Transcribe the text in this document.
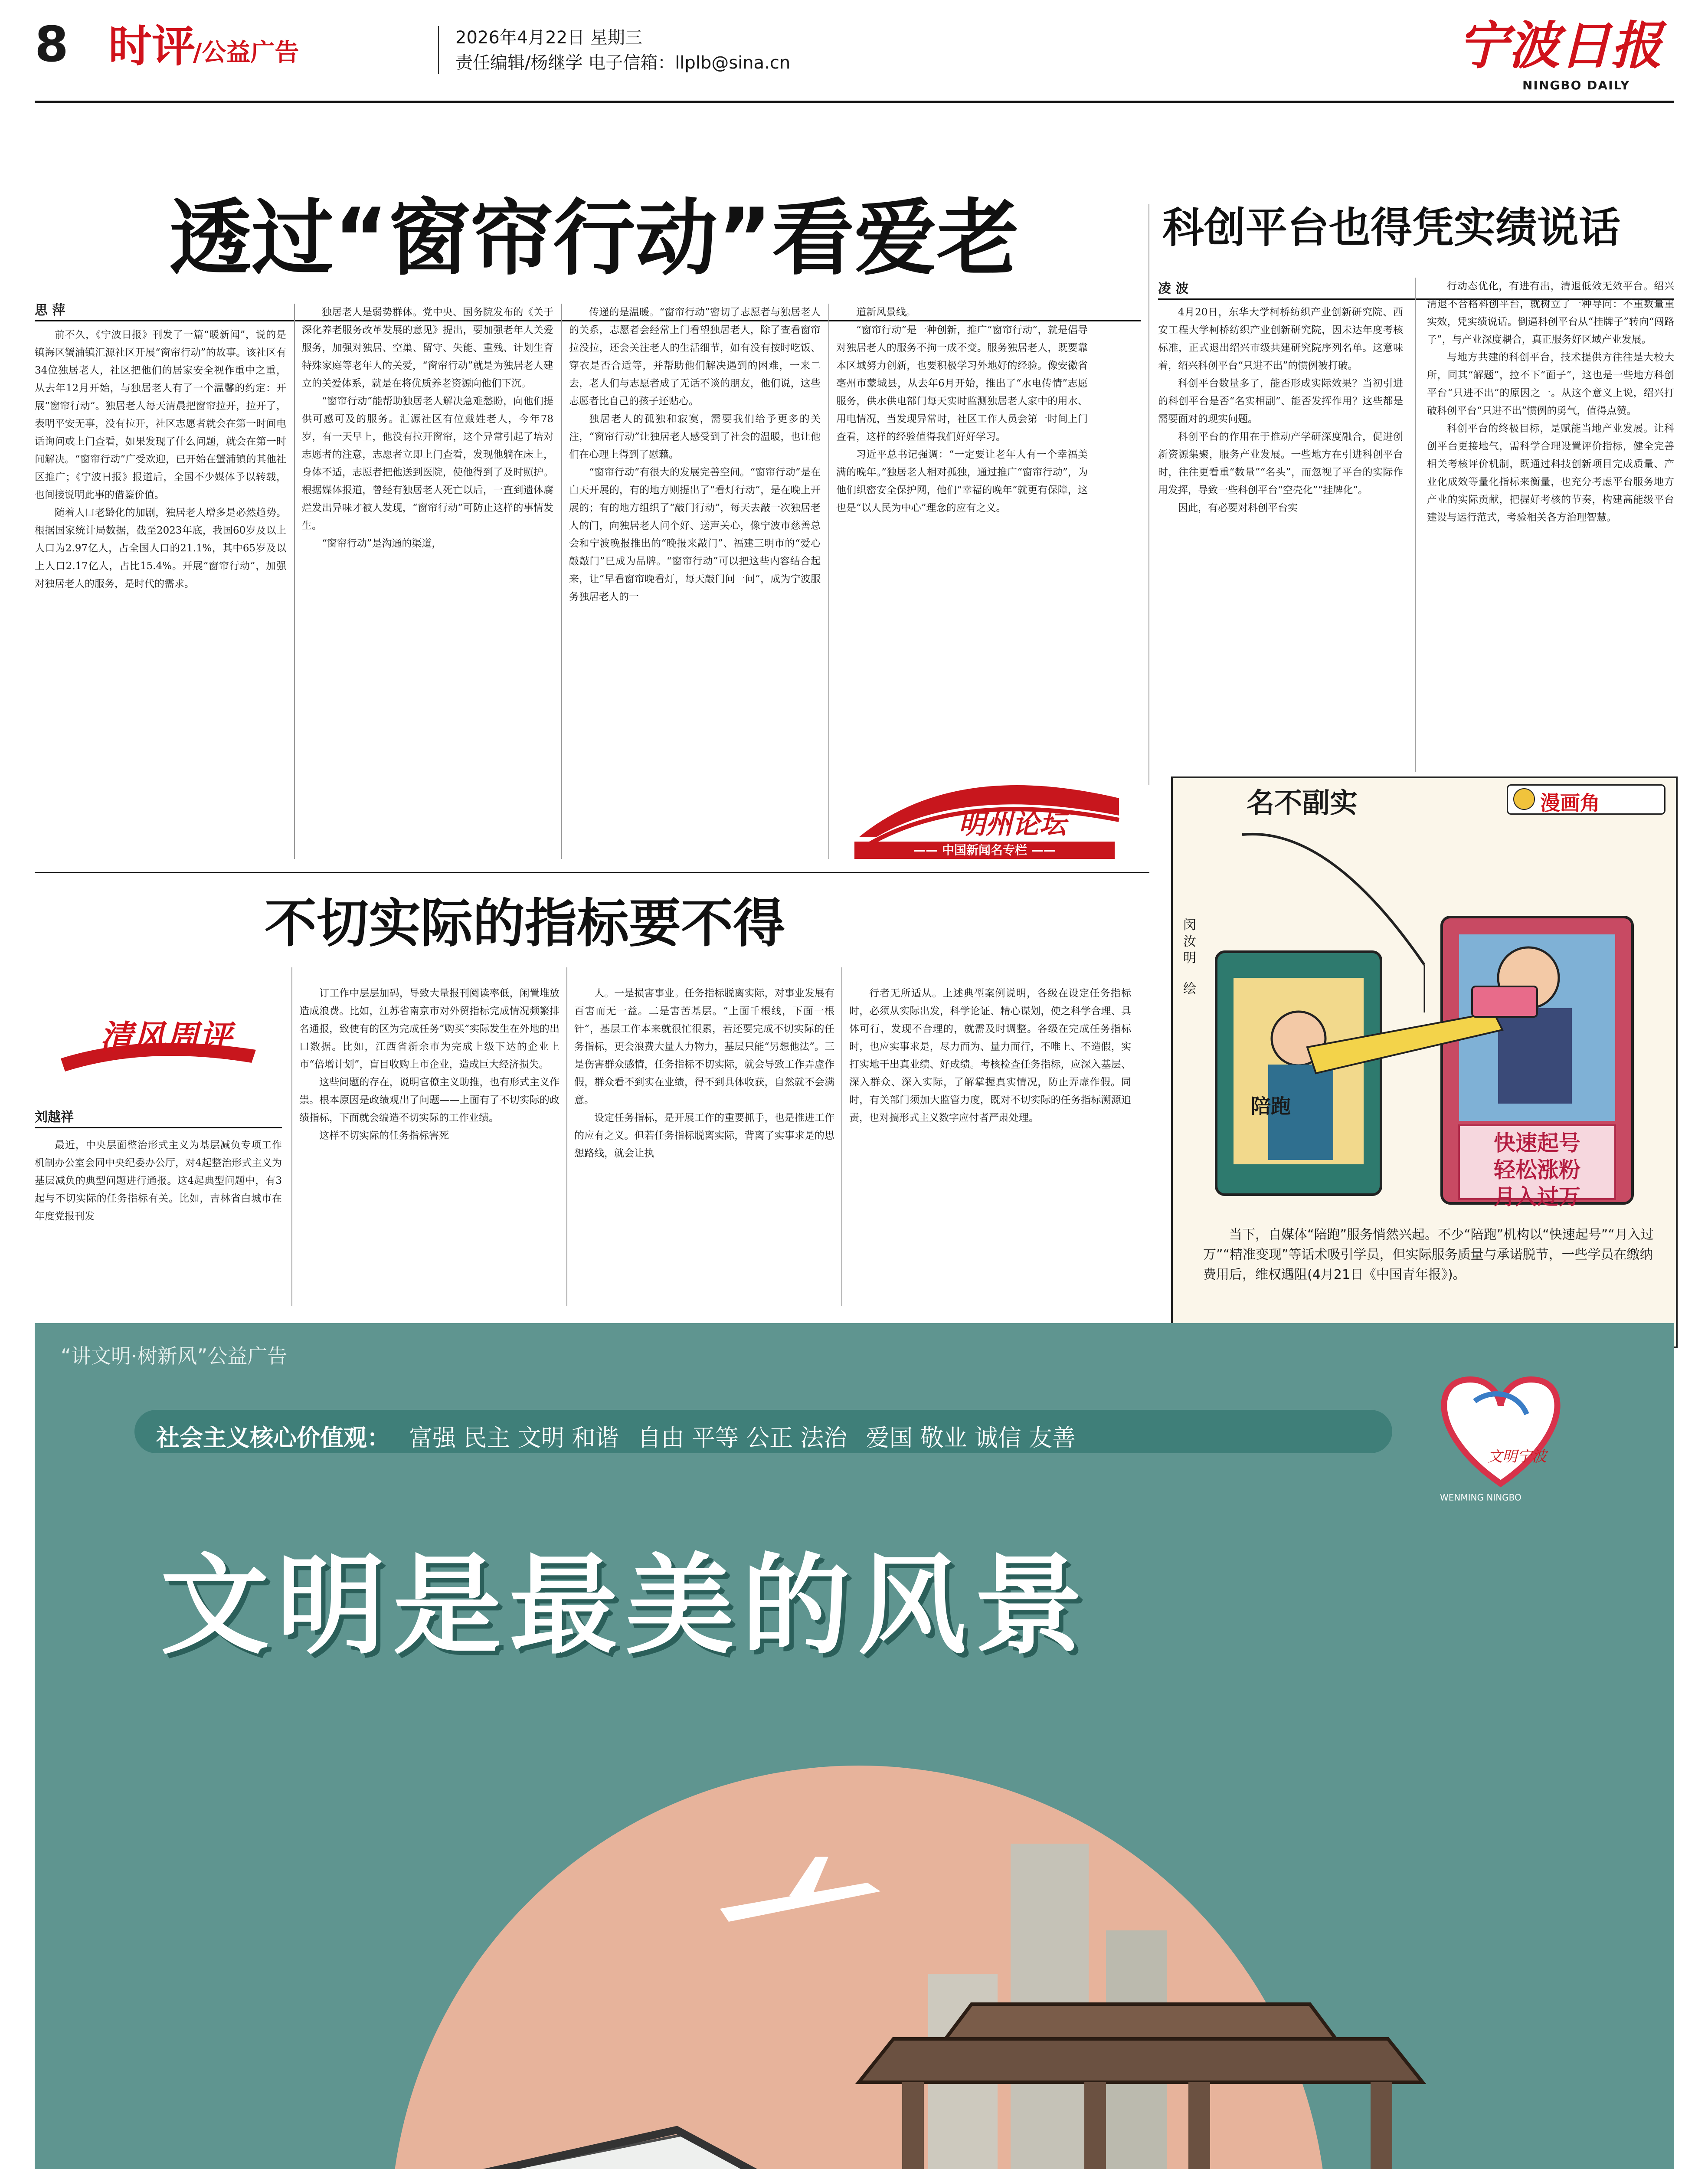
8 时评
/公益广告
2026年4月22日 星期三
责任编辑/杨继学 电子信箱：llplb@sina.cn	宁波日报
NINGBO DAILY
透过“窗帘行动”看爱老
思 萍

前不久，《宁波日报》刊发了一篇“暖新闻”，说的是镇海区蟹浦镇汇源社区开展“窗帘行动”的故事。该社区有34位独居老人，社区把他们的居家安全视作重中之重，从去年12月开始，与独居老人有了一个温馨的约定：开展“窗帘行动”。独居老人每天清晨把窗帘拉开，拉开了，表明平安无事，没有拉开，社区志愿者就会在第一时间电话询问或上门查看，如果发现了什么问题，就会在第一时间解决。“窗帘行动”广受欢迎，已开始在蟹浦镇的其他社区推广；《宁波日报》报道后，全国不少媒体予以转载，也间接说明此事的借鉴价值。

随着人口老龄化的加剧，独居老人增多是必然趋势。根据国家统计局数据，截至2023年底，我国60岁及以上人口为2.97亿人，占全国人口的21.1%，其中65岁及以上人口2.17亿人，占比15.4%。开展“窗帘行动”，加强对独居老人的服务，是时代的需求。

独居老人是弱势群体。党中央、国务院发布的《关于深化养老服务改革发展的意见》提出，要加强老年人关爱服务，加强对独居、空巢、留守、失能、重残、计划生育特殊家庭等老年人的关爱，“窗帘行动”就是为独居老人建立的关爱体系，就是在将优质养老资源向他们下沉。

“窗帘行动”能帮助独居老人解决急难愁盼，向他们提供可感可及的服务。汇源社区有位戴姓老人，今年78岁，有一天早上，他没有拉开窗帘，这个异常引起了培对志愿者的注意，志愿者立即上门查看，发现他躺在床上，身体不适，志愿者把他送到医院，使他得到了及时照护。根据媒体报道，曾经有独居老人死亡以后，一直到遗体腐烂发出异味才被人发现，“窗帘行动”可防止这样的事情发生。

“窗帘行动”是沟通的渠道，

传递的是温暖。“窗帘行动”密切了志愿者与独居老人的关系，志愿者会经常上门看望独居老人，除了查看窗帘拉没拉，还会关注老人的生活细节，如有没有按时吃饭、穿衣是否合适等，并帮助他们解决遇到的困难，一来二去，老人们与志愿者成了无话不谈的朋友，他们说，这些志愿者比自己的孩子还贴心。

独居老人的孤独和寂寞，需要我们给予更多的关注，“窗帘行动”让独居老人感受到了社会的温暖，也让他们在心理上得到了慰藉。

“窗帘行动”有很大的发展完善空间。“窗帘行动”是在白天开展的，有的地方则提出了“看灯行动”，是在晚上开展的；有的地方组织了“敲门行动”，每天去敲一次独居老人的门，向独居老人问个好、送声关心，像宁波市慈善总会和宁波晚报推出的“晚报来敲门”、福建三明市的“爱心敲敲门”已成为品牌。“窗帘行动”可以把这些内容结合起来，让“早看窗帘晚看灯，每天敲门问一问”，成为宁波服务独居老人的一

道新风景线。

“窗帘行动”是一种创新，推广“窗帘行动”，就是倡导对独居老人的服务不拘一成不变。服务独居老人，既要靠本区域努力创新，也要积极学习外地好的经验。像安徽省亳州市蒙城县，从去年6月开始，推出了“水电传情”志愿服务，供水供电部门每天实时监测独居老人家中的用水、用电情况，当发现异常时，社区工作人员会第一时间上门查看，这样的经验值得我们好好学习。

习近平总书记强调：“一定要让老年人有一个幸福美满的晚年。”独居老人相对孤独，通过推广“窗帘行动”，为他们织密安全保护网，他们“幸福的晚年”就更有保障，这也是“以人民为中心”理念的应有之义。

明州论坛
—— 中国新闻名专栏 ——
科创平台也得凭实绩说话
凌 波

4月20日，东华大学柯桥纺织产业创新研究院、西安工程大学柯桥纺织产业创新研究院，因未达年度考核标准，正式退出绍兴市级共建研究院序列名单。这意味着，绍兴科创平台“只进不出”的惯例被打破。

科创平台数量多了，能否形成实际效果？当初引进的科创平台是否“名实相副”、能否发挥作用？这些都是需要面对的现实问题。

科创平台的作用在于推动产学研深度融合，促进创新资源集聚，服务产业发展。一些地方在引进科创平台时，往往更看重“数量”“名头”，而忽视了平台的实际作用发挥，导致一些科创平台“空壳化”“挂牌化”。

因此，有必要对科创平台实

行动态优化，有进有出，清退低效无效平台。绍兴清退不合格科创平台，就树立了一种导向：不重数量重实效，凭实绩说话。倒逼科创平台从“挂牌子”转向“闯路子”，与产业深度耦合，真正服务好区域产业发展。

与地方共建的科创平台，技术提供方往往是大校大所，同其“解题”，拉不下“面子”，这也是一些地方科创平台“只进不出”的原因之一。从这个意义上说，绍兴打破科创平台“只进不出”惯例的勇气，值得点赞。

科创平台的终极目标，是赋能当地产业发展。让科创平台更接地气，需科学合理设置评价指标，健全完善相关考核评价机制，既通过科技创新项目完成质量、产业化成效等量化指标来衡量，也充分考虑平台服务地方产业的实际贡献，把握好考核的节奏，构建高能级平台建设与运行范式，考验相关各方治理智慧。

名不副实	漫画角
闵汝明
绘
陪跑
快速起号
轻松涨粉
月入过万
当下，自媒体“陪跑”服务悄然兴起。不少“陪跑”机构以“快速起号”“月入过万”“精准变现”等话术吸引学员，但实际服务质量与承诺脱节，一些学员在缴纳费用后，维权遇阻(4月21日《中国青年报》)。
不切实际的指标要不得
清风周评
刘越祥

最近，中央层面整治形式主义为基层减负专项工作机制办公室会同中央纪委办公厅，对4起整治形式主义为基层减负的典型问题进行通报。这4起典型问题中，有3起与不切实际的任务指标有关。比如，吉林省白城市在年度党报刊发

订工作中层层加码，导致大量报刊阅读率低，闲置堆放造成浪费。比如，江苏省南京市对外贸指标完成情况频繁排名通报，致使有的区为完成任务“购买”实际发生在外地的出口数据。比如，江西省新余市为完成上级下达的企业上市“倍增计划”，盲目收购上市企业，造成巨大经济损失。

这些问题的存在，说明官僚主义助推，也有形式主义作祟。根本原因是政绩观出了问题——上面有了不切实际的政绩指标，下面就会编造不切实际的工作业绩。

这样不切实际的任务指标害死

人。一是损害事业。任务指标脱离实际，对事业发展有百害而无一益。二是害苦基层。“上面千根线，下面一根针”，基层工作本来就很忙很累，若还要完成不切实际的任务指标，更会浪费大量人力物力，基层只能“另想他法”。三是伤害群众感情，任务指标不切实际，就会导致工作弄虚作假，群众看不到实在业绩，得不到具体收获，自然就不会满意。

设定任务指标，是开展工作的重要抓手，也是推进工作的应有之义。但若任务指标脱离实际，背离了实事求是的思想路线，就会让执

行者无所适从。上述典型案例说明，各级在设定任务指标时，必须从实际出发，科学论证、精心谋划，使之科学合理、具体可行，发现不合理的，就需及时调整。各级在完成任务指标时，也应实事求是，尽力而为、量力而行，不唯上、不造假，实打实地干出真业绩、好成绩。考核检查任务指标，应深入基层、深入群众、深入实际，了解掌握真实情况，防止弄虚作假。同时，有关部门须加大监管力度，既对不切实际的任务指标溯源追责，也对搞形式主义数字应付者严肃处理。

“讲文明·树新风”公益广告
社会主义核心价值观： 富强 民主 文明 和谐 自由 平等 公正 法治 爱国 敬业 诚信 友善
文明宁波
WENMING NINGBO
文明是最美的风景
